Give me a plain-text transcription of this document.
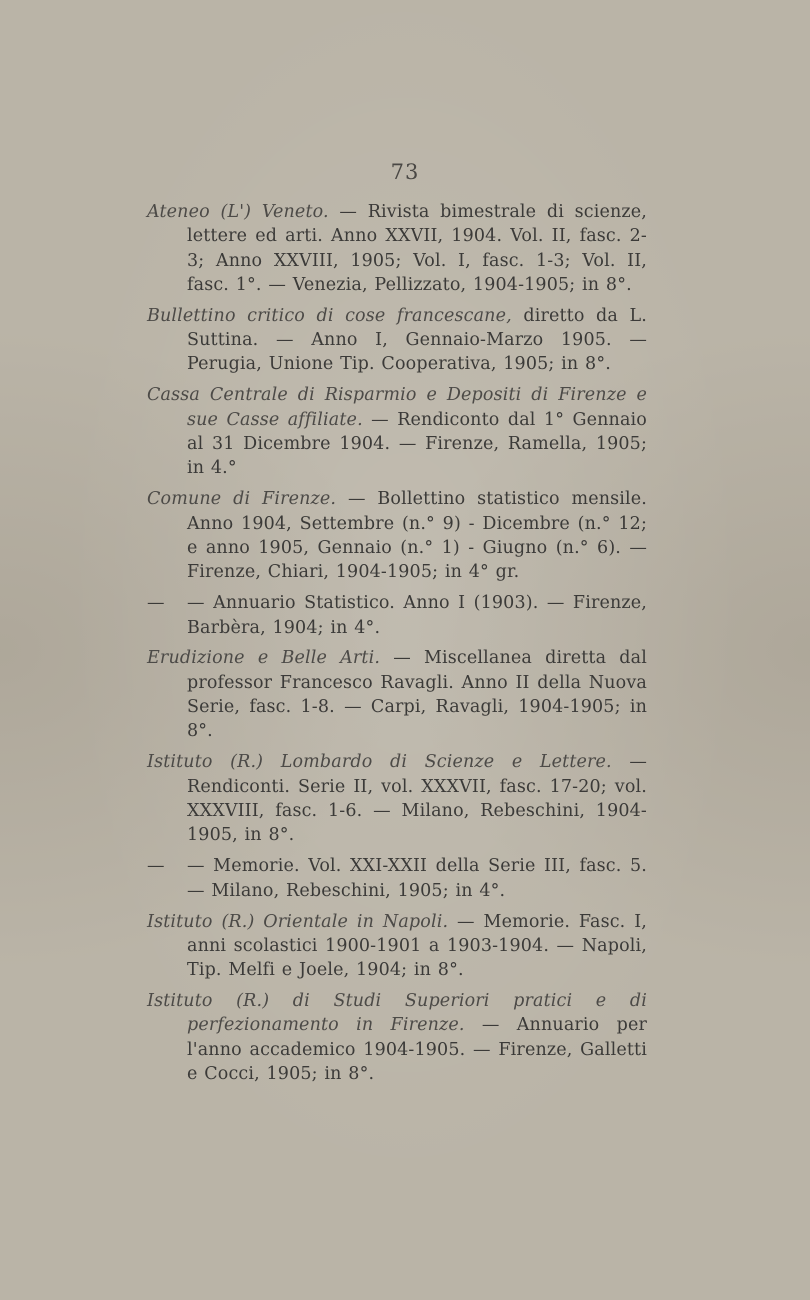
73

Ateneo (L') Veneto. — Rivista bimestrale di scienze, lettere ed arti. Anno XXVII, 1904. Vol. II, fasc. 2-3; Anno XXVIII, 1905; Vol. I, fasc. 1-3; Vol. II, fasc. 1°. — Venezia, Pellizzato, 1904-1905; in 8°.

Bullettino critico di cose francescane, diretto da L. Suttina. — Anno I, Gennaio-Marzo 1905. — Perugia, Unione Tip. Cooperativa, 1905; in 8°.

Cassa Centrale di Risparmio e Depositi di Firenze e sue Casse affiliate. — Rendiconto dal 1° Gennaio al 31 Dicembre 1904. — Firenze, Ramella, 1905; in 4.°

Comune di Firenze. — Bollettino statistico mensile. Anno 1904, Settembre (n.° 9) - Dicembre (n.° 12; e anno 1905, Gennaio (n.° 1) - Giugno (n.° 6). — Firenze, Chiari, 1904-1905; in 4° gr.

— — Annuario Statistico. Anno I (1903). — Firenze, Barbèra, 1904; in 4°.

Erudizione e Belle Arti. — Miscellanea diretta dal professor Francesco Ravagli. Anno II della Nuova Serie, fasc. 1-8. — Carpi, Ravagli, 1904-1905; in 8°.

Istituto (R.) Lombardo di Scienze e Lettere. — Rendiconti. Serie II, vol. XXXVII, fasc. 17-20; vol. XXXVIII, fasc. 1-6. — Milano, Rebeschini, 1904-1905, in 8°.

— — Memorie. Vol. XXI-XXII della Serie III, fasc. 5. — Milano, Rebeschini, 1905; in 4°.

Istituto (R.) Orientale in Napoli. — Memorie. Fasc. I, anni scolastici 1900-1901 a 1903-1904. — Napoli, Tip. Melfi e Joele, 1904; in 8°.

Istituto (R.) di Studi Superiori pratici e di perfezionamento in Firenze. — Annuario per l'anno accademico 1904-1905. — Firenze, Galletti e Cocci, 1905; in 8°.
